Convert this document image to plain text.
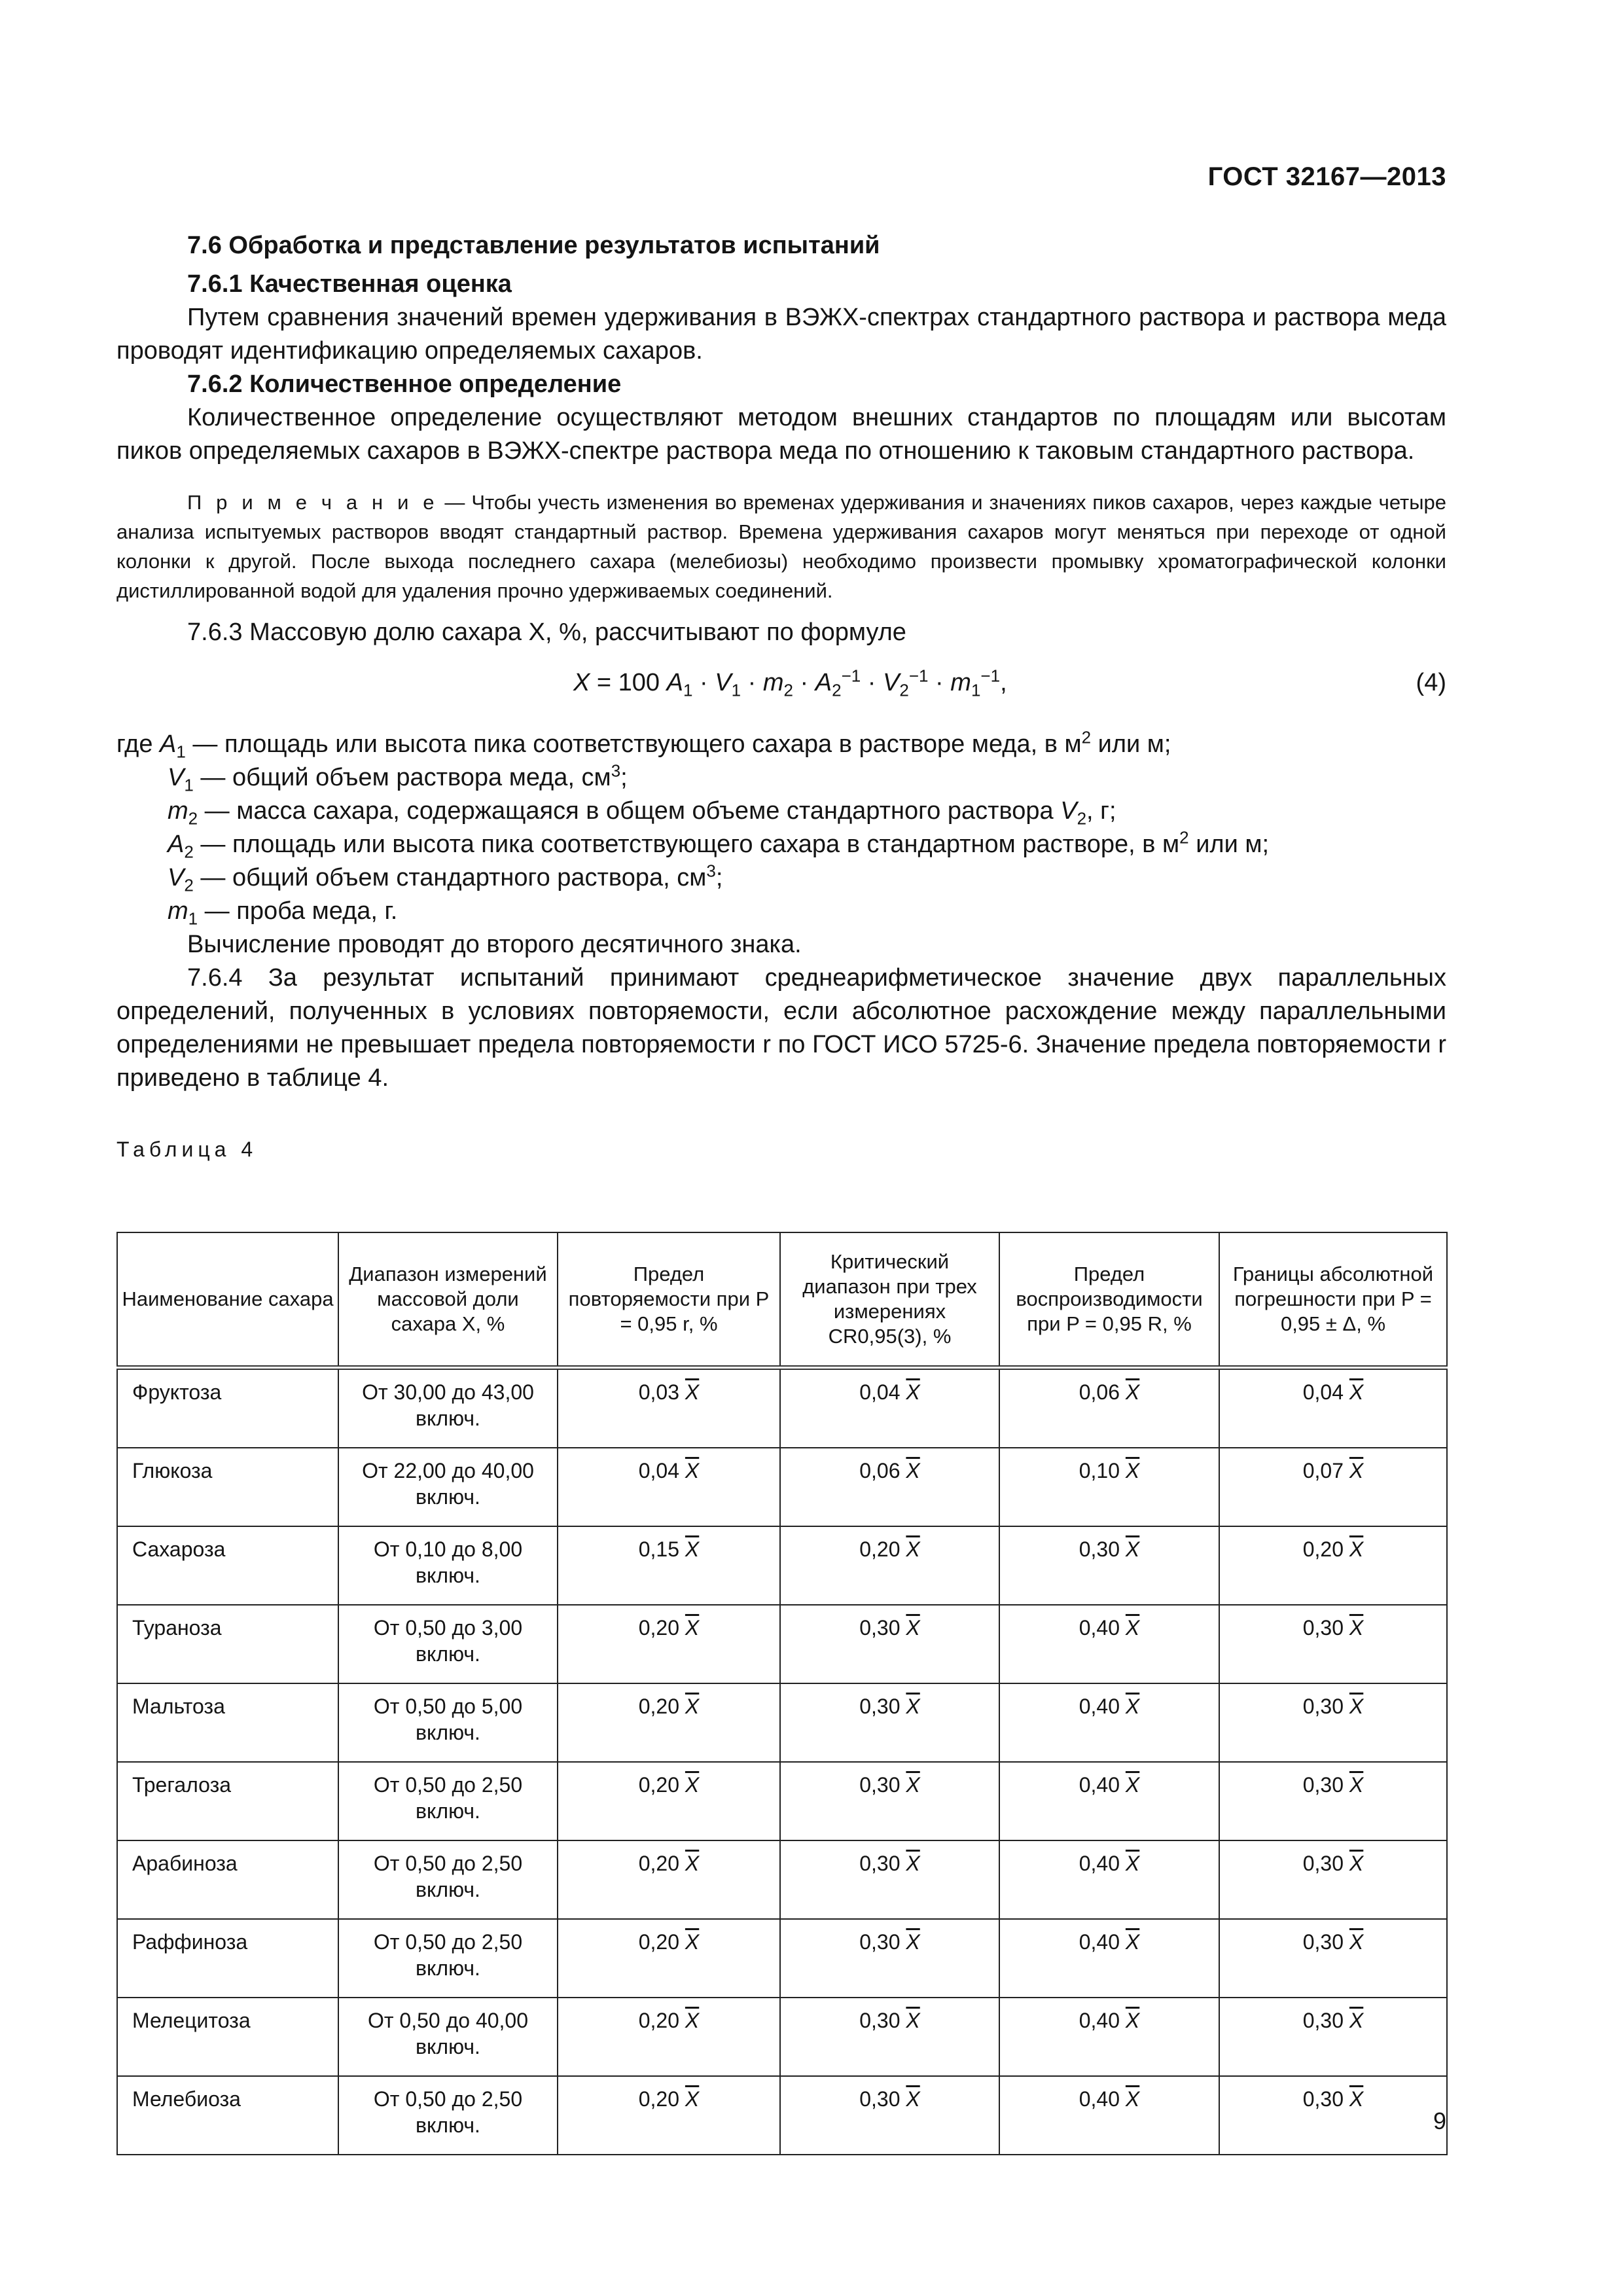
ГОСТ 32167—2013

7.6 Обработка и представление результатов испытаний

7.6.1 Качественная оценка

Путем сравнения значений времен удерживания в ВЭЖХ-спектрах стандартного раствора и раствора меда проводят идентификацию определяемых сахаров.

7.6.2 Количественное определение

Количественное определение осуществляют методом внешних стандартов по площадям или высотам пиков определяемых сахаров в ВЭЖХ-спектре раствора меда по отношению к таковым стандартного раствора.

П р и м е ч а н и е — Чтобы учесть изменения во временах удерживания и значениях пиков сахаров, через каждые четыре анализа испытуемых растворов вводят стандартный раствор. Времена удерживания сахаров могут меняться при переходе от одной колонки к другой. После выхода последнего сахара (мелебиозы) необходимо произвести промывку хроматографической колонки дистиллированной водой для удаления прочно удерживаемых соединений.

7.6.3 Массовую долю сахара X, %, рассчитывают по формуле

X = 100 $A_1 \cdot V_1 \cdot m_2 \cdot A_2^{-1} \cdot V_2^{-1} \cdot m_1^{-1}$,	(4)
где $A_1$ — площадь или высота пика соответствующего сахара в растворе меда, в $м^2$ или м;
$V_1$ — общий объем раствора меда, $см^3$;
$m_2$ — масса сахара, содержащаяся в общем объеме стандартного раствора $V_2$, г;
$A_2$ — площадь или высота пика соответствующего сахара в стандартном растворе, в $м^2$ или м;
$V_2$ — общий объем стандартного раствора, $см^3$;
$m_1$ — проба меда, г.

Вычисление проводят до второго десятичного знака.

7.6.4 За результат испытаний принимают среднеарифметическое значение двух параллельных определений, полученных в условиях повторяемости, если абсолютное расхождение между параллельными определениями не превышает предела повторяемости r по ГОСТ ИСО 5725-6. Значение предела повторяемости r приведено в таблице 4.

Таблица 4

Наименование сахара	Диапазон измерений массовой доли сахара X, %	Предел повторяемости при P = 0,95 r, %	Критический диапазон при трех измерениях CR0,95(3), %	Предел воспроизводимости при P = 0,95 R, %	Границы абсолютной погрешности при P = 0,95 ± Δ, %
Фруктоза	От 30,00 до 43,00 включ.	0,03 $\overline{X}$	0,04 $\overline{X}$	0,06 $\overline{X}$	0,04 $\overline{X}$
Глюкоза	От 22,00 до 40,00 включ.	0,04 $\overline{X}$	0,06 $\overline{X}$	0,10 $\overline{X}$	0,07 $\overline{X}$
Сахароза	От 0,10 до 8,00 включ.	0,15 $\overline{X}$	0,20 $\overline{X}$	0,30 $\overline{X}$	0,20 $\overline{X}$
Тураноза	От 0,50 до 3,00 включ.	0,20 $\overline{X}$	0,30 $\overline{X}$	0,40 $\overline{X}$	0,30 $\overline{X}$
Мальтоза	От 0,50 до 5,00 включ.	0,20 $\overline{X}$	0,30 $\overline{X}$	0,40 $\overline{X}$	0,30 $\overline{X}$
Трегалоза	От 0,50 до 2,50 включ.	0,20 $\overline{X}$	0,30 $\overline{X}$	0,40 $\overline{X}$	0,30 $\overline{X}$
Арабиноза	От 0,50 до 2,50 включ.	0,20 $\overline{X}$	0,30 $\overline{X}$	0,40 $\overline{X}$	0,30 $\overline{X}$
Раффиноза	От 0,50 до 2,50 включ.	0,20 $\overline{X}$	0,30 $\overline{X}$	0,40 $\overline{X}$	0,30 $\overline{X}$
Мелецитоза	От 0,50 до 40,00 включ.	0,20 $\overline{X}$	0,30 $\overline{X}$	0,40 $\overline{X}$	0,30 $\overline{X}$
Мелебиоза	От 0,50 до 2,50 включ.	0,20 $\overline{X}$	0,30 $\overline{X}$	0,40 $\overline{X}$	0,30 $\overline{X}$
9
